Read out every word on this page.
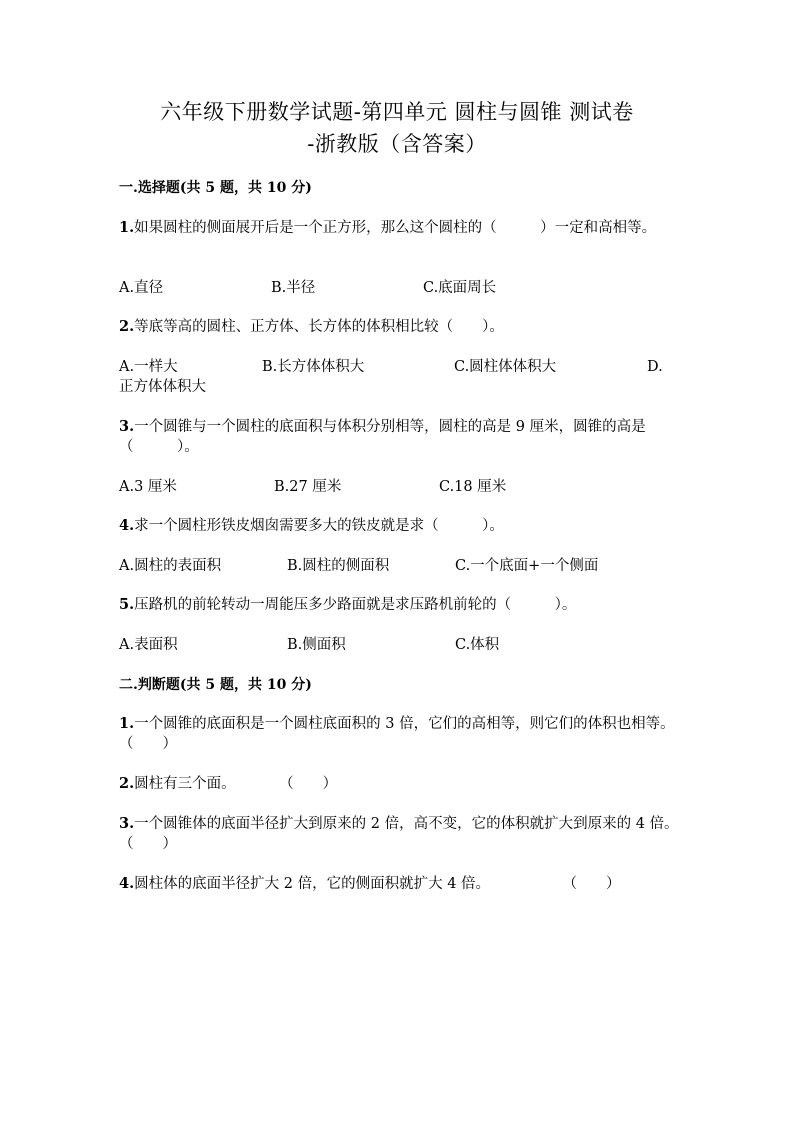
六年级下册数学试题-第四单元 圆柱与圆锥 测试卷
-浙教版（含答案）
一.选择题(共 5 题，共 10 分)
1.如果圆柱的侧面展开后是一个正方形，那么这个圆柱的（　　　）一定和高相等。
A.直径	B.半径	C.底面周长
2.等底等高的圆柱、正方体、长方体的体积相比较（　　）。
A.一样大	B.长方体体积大	C.圆柱体体积大	D.
正方体体积大
3.一个圆锥与一个圆柱的底面积与体积分别相等，圆柱的高是 9 厘米，圆锥的高是（　　　）。
A.3 厘米	B.27 厘米	C.18 厘米
4.求一个圆柱形铁皮烟囱需要多大的铁皮就是求（　　　）。
A.圆柱的表面积	B.圆柱的侧面积	C.一个底面+一个侧面
5.压路机的前轮转动一周能压多少路面就是求压路机前轮的（　　　）。
A.表面积	B.侧面积	C.体积
二.判断题(共 5 题，共 10 分)
1.一个圆锥的底面积是一个圆柱底面积的 3 倍，它们的高相等，则它们的体积也相等。　　　　（　　）
2.圆柱有三个面。　　　　（　　）
3.一个圆锥体的底面半径扩大到原来的 2 倍，高不变，它的体积就扩大到原来的 4 倍。　　　（　　）
4.圆柱体的底面半径扩大 2 倍，它的侧面积就扩大 4 倍。　　　　　　（　　）
